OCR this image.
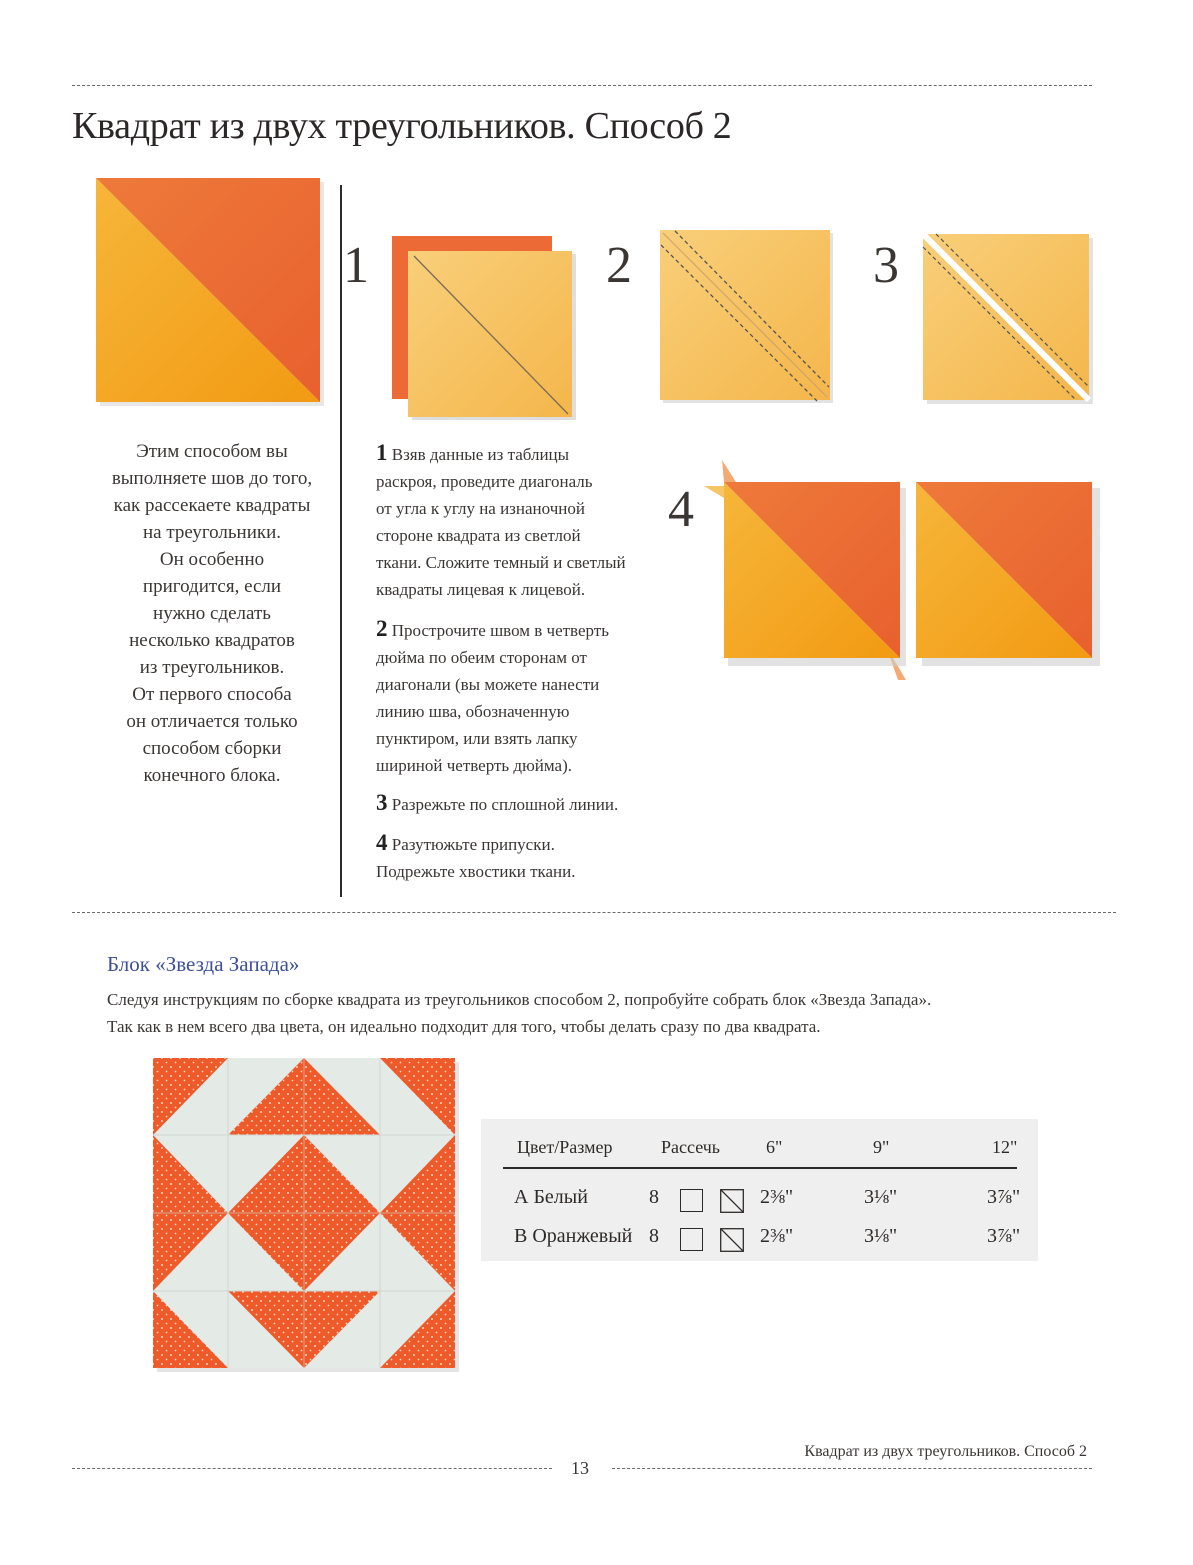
Квадрат из двух треугольников. Способ 2
Этим способом вы
выполняете шов до того,
как рассекаете квадраты
на треугольники.
Он особенно
пригодится, если
нужно сделать
несколько квадратов
из треугольников.
От первого способа
он отличается только
способом сборки
конечного блока.
1	2	3
4
1 Взяв данные из таблицы
раскроя, проведите диагональ
от угла к углу на изнаночной
стороне квадрата из светлой
ткани. Сложите темный и светлый
квадраты лицевая к лицевой.
2 Прострочите швом в четверть
дюйма по обеим сторонам от
диагонали (вы можете нанести
линию шва, обозначенную
пунктиром, или взять лапку
шириной четверть дюйма).
3 Разрежьте по сплошной линии.
4 Разутюжьте припуски.
Подрежьте хвостики ткани.
Блок «Звезда Запада»
Следуя инструкциям по сборке квадрата из треугольников способом 2, попробуйте собрать блок «Звезда Запада».
Так как в нем всего два цвета, он идеально подходит для того, чтобы делать сразу по два квадрата.
Цвет/Размер	Рассечь	6"	9"	12"
А Белый	8	2⅜"	3⅛"	3⅞"
В Оранжевый 8	2⅜"	3⅛"	3⅞"
Квадрат из двух треугольников. Способ 2
13
